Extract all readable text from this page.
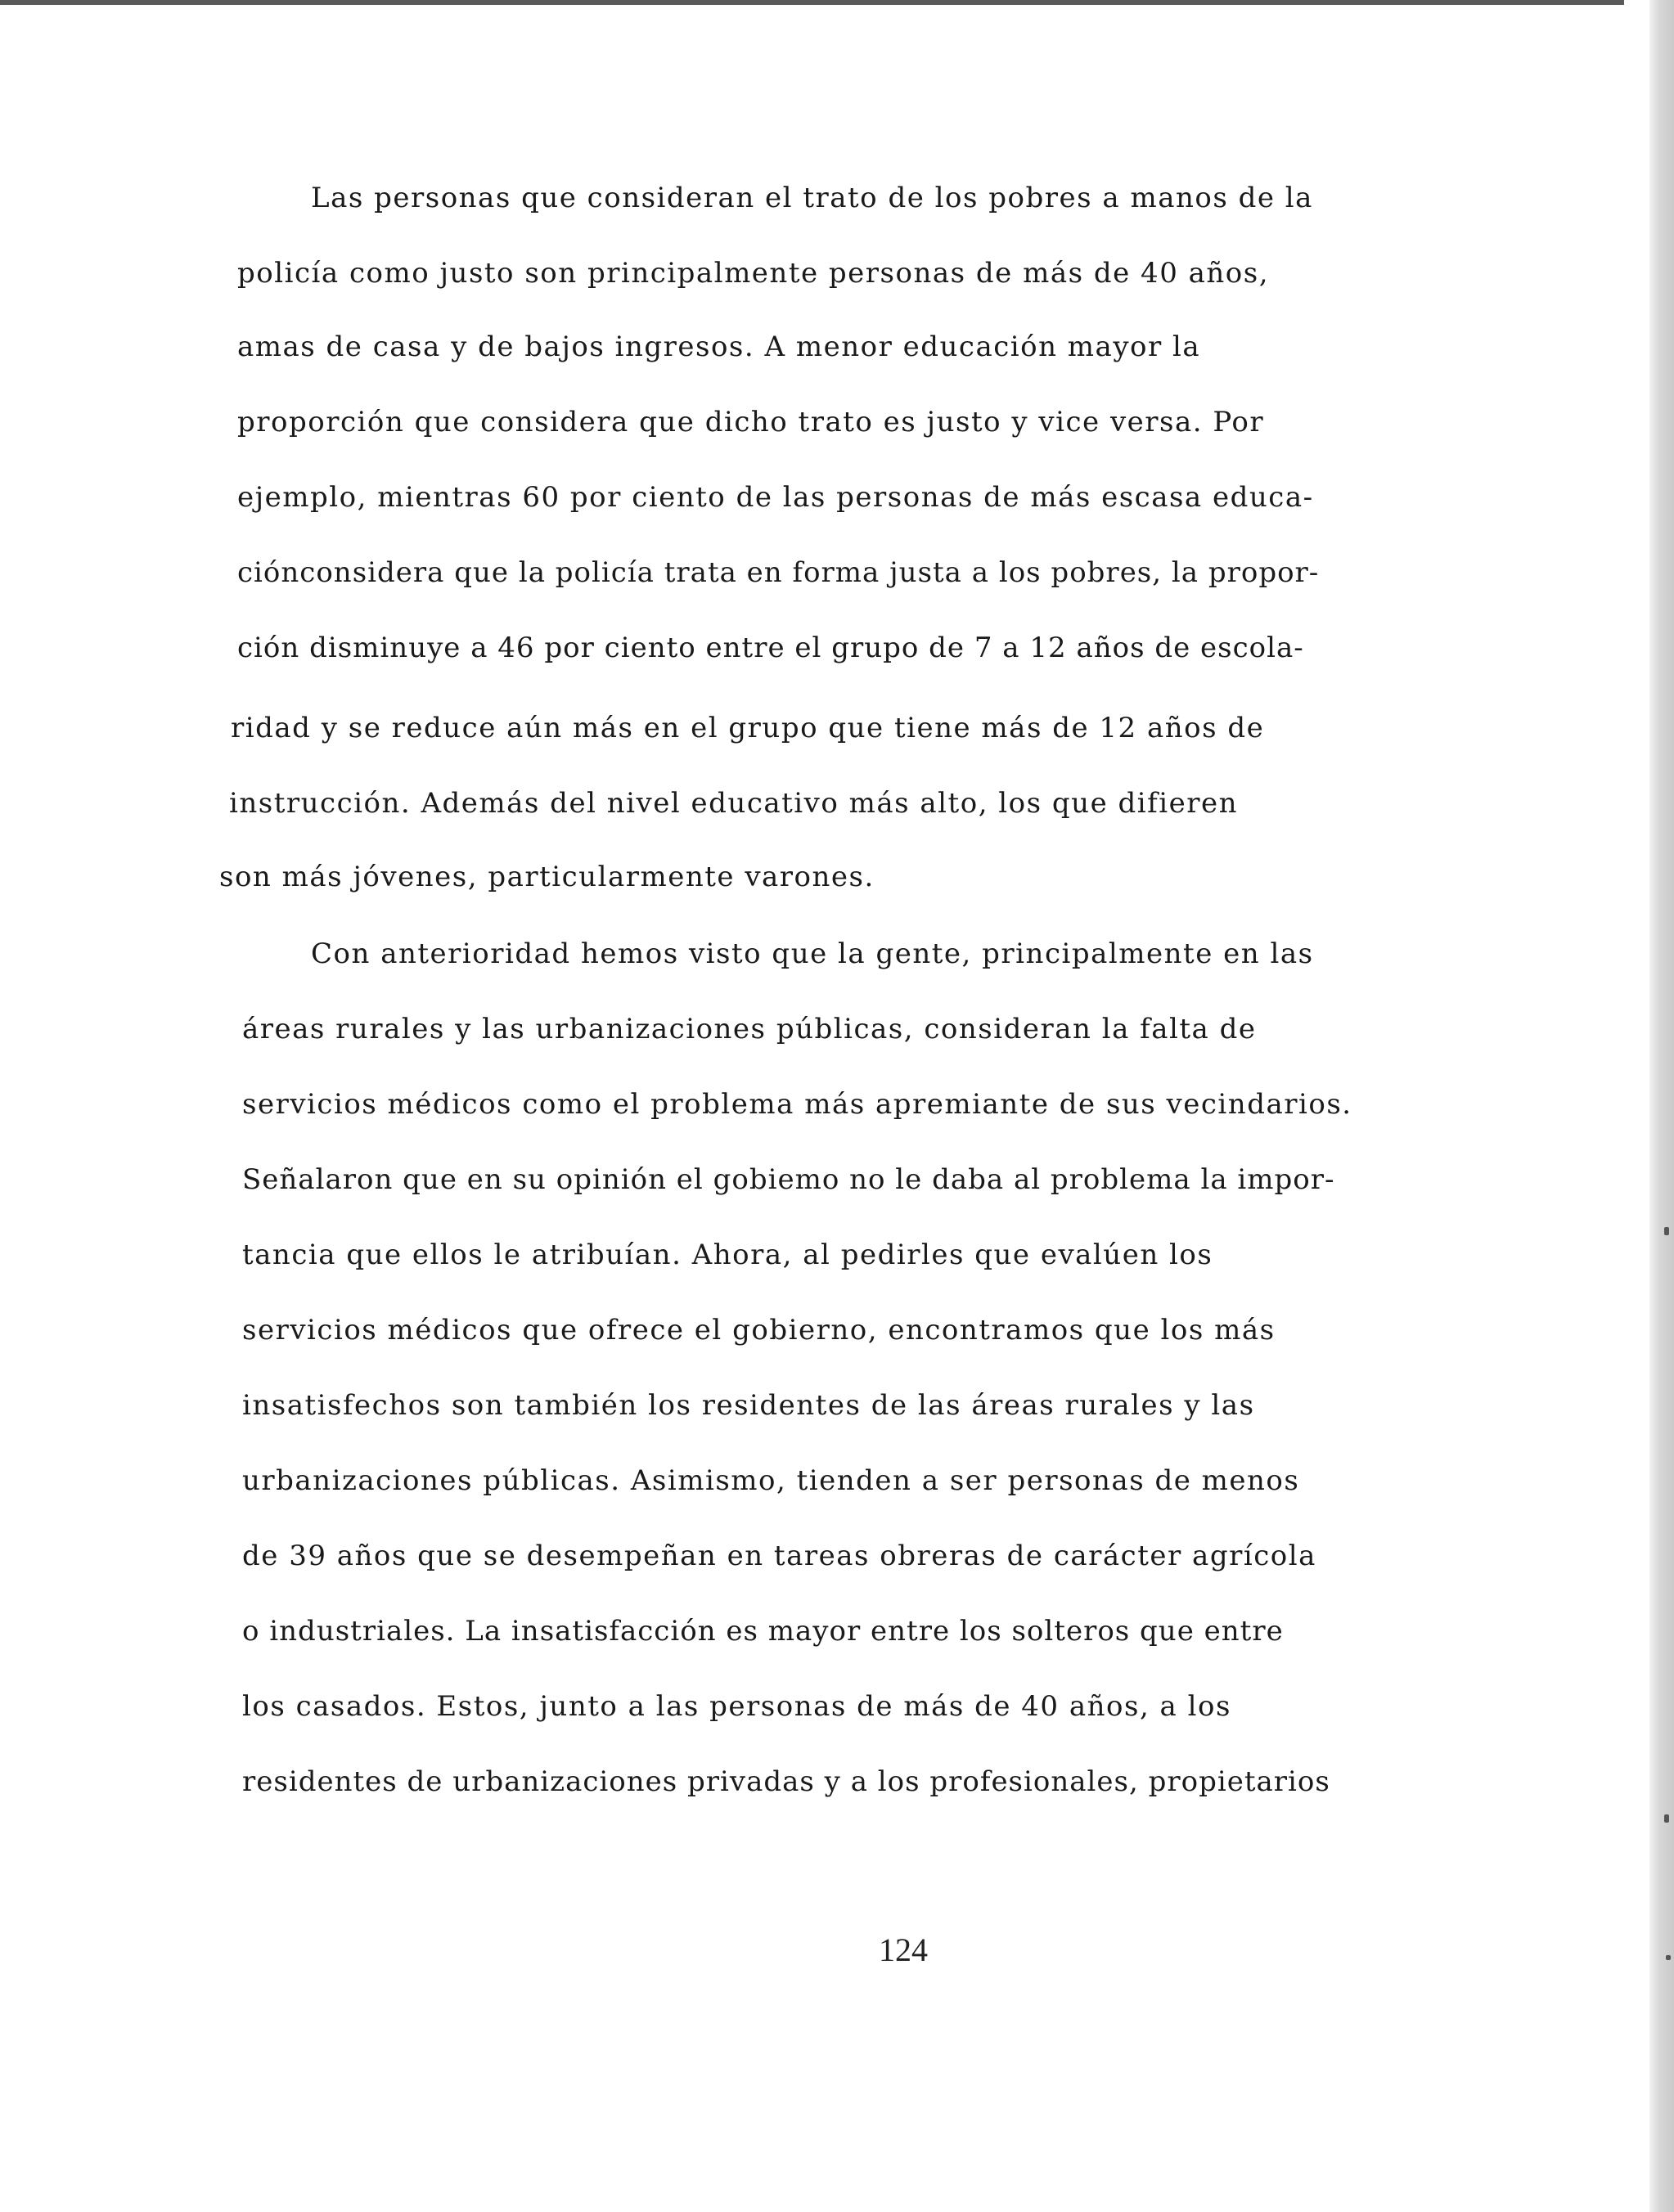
Las personas que consideran el trato de los pobres a manos de la
policía como justo son principalmente personas de más de 40 años,
amas de casa y de bajos ingresos. A menor educación mayor la
proporción que considera que dicho trato es justo y vice versa. Por
ejemplo, mientras 60 por ciento de las personas de más escasa educa-
ciónconsidera que la policía trata en forma justa a los pobres, la propor-
ción disminuye a 46 por ciento entre el grupo de 7 a 12 años de escola-
ridad y se reduce aún más en el grupo que tiene más de 12 años de
instrucción. Además del nivel educativo más alto, los que difieren
son más jóvenes, particularmente varones.
Con anterioridad hemos visto que la gente, principalmente en las
áreas rurales y las urbanizaciones públicas, consideran la falta de
servicios médicos como el problema más apremiante de sus vecindarios.
Señalaron que en su opinión el gobiemo no le daba al problema la impor-
tancia que ellos le atribuían. Ahora, al pedirles que evalúen los
servicios médicos que ofrece el gobierno, encontramos que los más
insatisfechos son también los residentes de las áreas rurales y las
urbanizaciones públicas. Asimismo, tienden a ser personas de menos
de 39 años que se desempeñan en tareas obreras de carácter agrícola
o industriales. La insatisfacción es mayor entre los solteros que entre
los casados. Estos, junto a las personas de más de 40 años, a los
residentes de urbanizaciones privadas y a los profesionales, propietarios
124
